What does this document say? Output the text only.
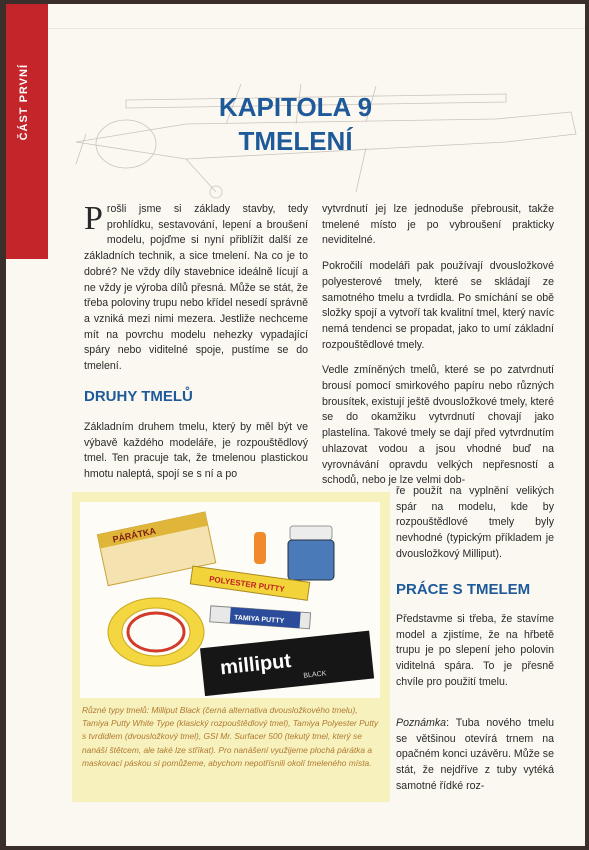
ČÁST PRVNÍ	KAPITOLA 9
TMELENÍ

Prošli jsme si základy stavby, tedy prohlídku, sestavování, lepení a broušení modelu, pojďme si nyní přiblížit další ze základních technik, a sice tmelení. Na co je to dobré? Ne vždy díly stavebnice ideálně lícují a ne vždy je výroba dílů přesná. Může se stát, že třeba poloviny trupu nebo křídel nesedí správně a vzniká mezi nimi mezera. Jestliže nechceme mít na povrchu modelu nehezky vypadající spáry nebo viditelné spoje, pustíme se do tmelení.

DRUHY TMELŮ

Základním druhem tmelu, který by měl být ve výbavě každého modeláře, je rozpouštědlový tmel. Ten pracuje tak, že tmelenou plastickou hmotu naleptá, spojí se s ní a po

vytvrdnutí jej lze jednoduše přebrousit, takže tmelené místo je po vybroušení prakticky neviditelné.

Pokročilí modeláři pak používají dvousložkové polyesterové tmely, které se skládají ze samotného tmelu a tvrdidla. Po smíchání se obě složky spojí a vytvoří tak kvalitní tmel, který navíc nemá tendenci se propadat, jako to umí základní rozpouštědlové tmely.

Vedle zmíněných tmelů, které se po zatvrdnutí brousí pomocí smirkového papíru nebo různých brousítek, existují ještě dvousložkové tmely, které se do okamžiku vytvrdnutí chovají jako plastelína. Takové tmely se dají před vytvrdnutím uhlazovat vodou a jsou vhodné buď na vyrovnávání opravdu velkých nepřesností a schodů, nebo je lze velmi dob-

ře použít na vyplnění velikých spár na modelu, kde by rozpouštědlové tmely byly nevhodné (typickým příkladem je dvousložkový Milliput).
PRÁCE S TMELEM
Představme si třeba, že stavíme model a zjistíme, že na hřbetě trupu je po slepení jeho polovin viditelná spára. To je přesně chvíle pro použití tmelu.
Poznámka: Tuba nového tmelu se většinou otevírá trnem na opačném konci uzávěru. Může se stát, že nejdříve z tuby vytéká samotné řídké roz-
PÁRÁTKA
POLYESTER PUTTY
TAMIYA PUTTY
milliput BLACK
Různé typy tmelů: Milliput Black (černá alternativa dvousložkového tmelu), Tamiya Putty White Type (klasický rozpouštědlový tmel), Tamiya Polyester Putty s tvrdidlem (dvousložkový tmel), GSI Mr. Surfacer 500 (tekutý tmel, který se nanáší štětcem, ale také lze stříkat). Pro nanášení využijeme plochá párátka a maskovací páskou si pomůžeme, abychom nepotřísnili okolí tmeleného místa.
